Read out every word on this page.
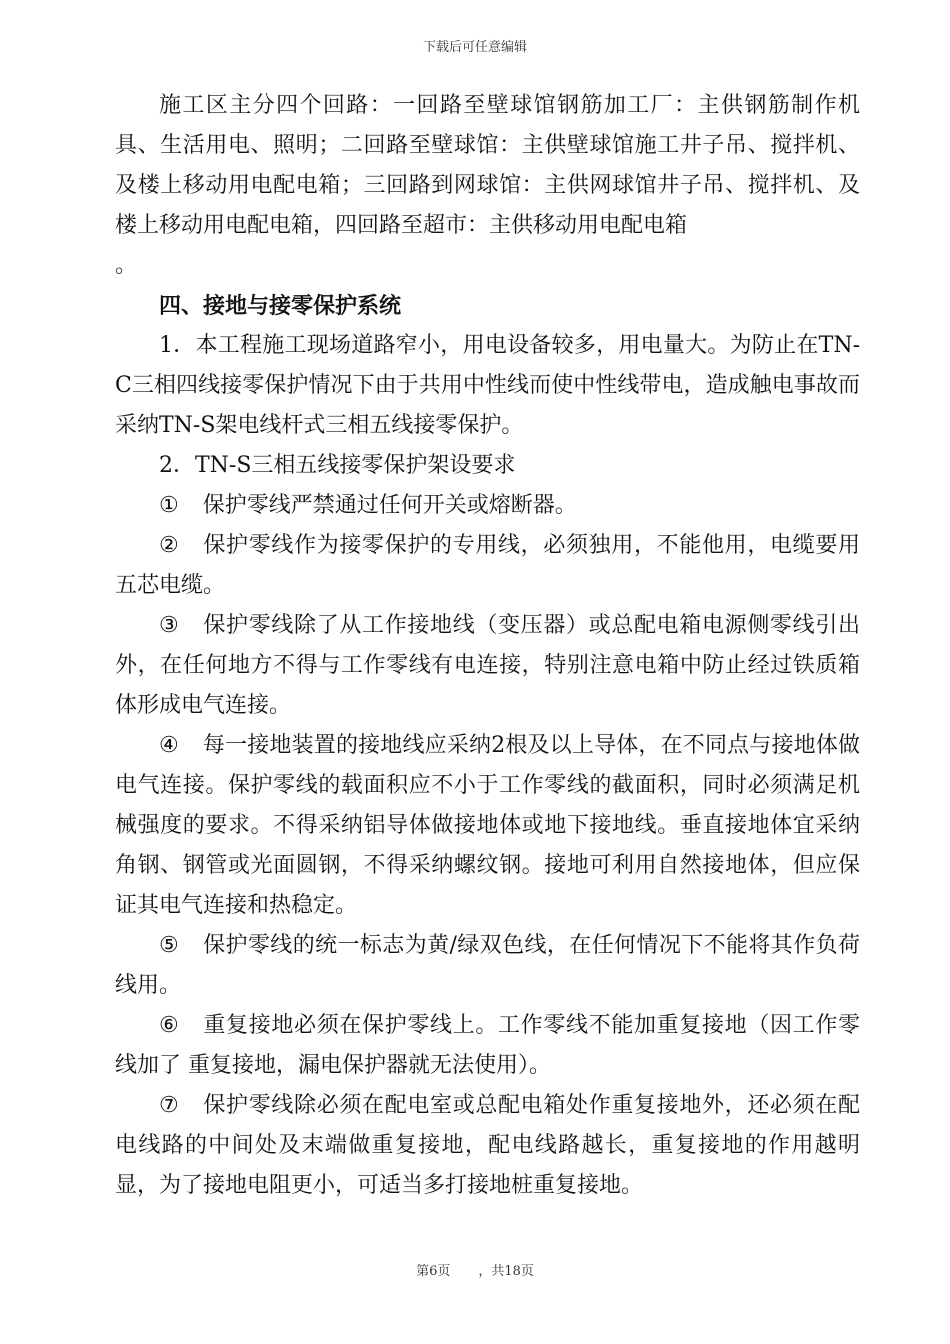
下载后可任意编辑

施工区主分四个回路：一回路至壁球馆钢筋加工厂：主供钢筋制作机具、生活用电、照明；二回路至壁球馆：主供壁球馆施工井子吊、搅拌机、及楼上移动用电配电箱；三回路到网球馆：主供网球馆井子吊、搅拌机、及楼上移动用电配电箱，四回路至超市：主供移动用电配电箱

。

四、接地与接零保护系统

1．本工程施工现场道路窄小，用电设备较多，用电量大。为防止在TN-C三相四线接零保护情况下由于共用中性线而使中性线带电，造成触电事故而采纳TN-S架电线杆式三相五线接零保护。

2．TN-S三相五线接零保护架设要求

① 保护零线严禁通过任何开关或熔断器。

② 保护零线作为接零保护的专用线，必须独用，不能他用，电缆要用五芯电缆。

③ 保护零线除了从工作接地线（变压器）或总配电箱电源侧零线引出外，在任何地方不得与工作零线有电连接，特别注意电箱中防止经过铁质箱体形成电气连接。

④ 每一接地装置的接地线应采纳2根及以上导体，在不同点与接地体做电气连接。保护零线的载面积应不小于工作零线的截面积，同时必须满足机械强度的要求。不得采纳铝导体做接地体或地下接地线。垂直接地体宜采纳角钢、钢管或光面圆钢，不得采纳螺纹钢。接地可利用自然接地体，但应保证其电气连接和热稳定。

⑤ 保护零线的统一标志为黄/绿双色线，在任何情况下不能将其作负荷线用。

⑥ 重复接地必须在保护零线上。工作零线不能加重复接地（因工作零线加了 重复接地，漏电保护器就无法使用）。

⑦ 保护零线除必须在配电室或总配电箱处作重复接地外，还必须在配电线路的中间处及末端做重复接地，配电线路越长，重复接地的作用越明显，为了接地电阻更小，可适当多打接地桩重复接地。

第6页 ，共18页
